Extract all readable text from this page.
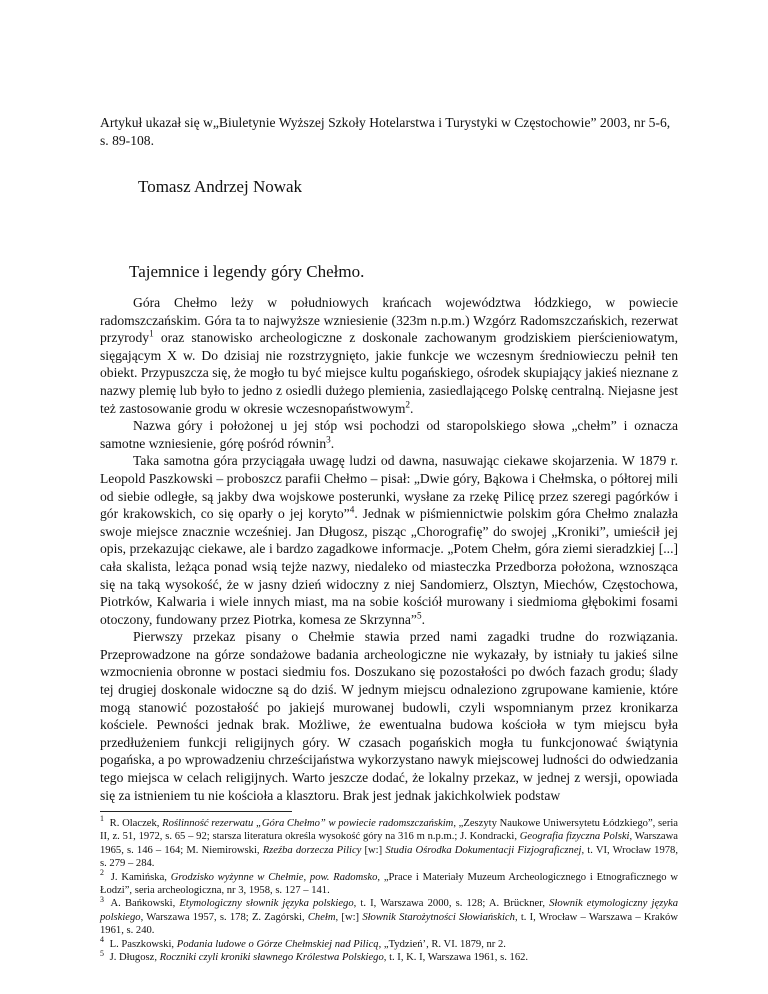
Artykuł ukazał się w„Biuletynie Wyższej Szkoły Hotelarstwa i Turystyki w Częstochowie” 2003, nr 5-6, s. 89-108.
Tomasz Andrzej Nowak
Tajemnice i legendy góry Chełmo.

Góra Chełmo leży w południowych krańcach województwa łódzkiego, w powiecie radomszczańskim. Góra ta to najwyższe wzniesienie (323m n.p.m.) Wzgórz Radomszczańskich, rezerwat przyrody$^1$ oraz stanowisko archeologiczne z doskonale zachowanym grodziskiem pierścieniowatym, sięgającym X w. Do dzisiaj nie rozstrzygnięto, jakie funkcje we wczesnym średniowieczu pełnił ten obiekt. Przypuszcza się, że mogło tu być miejsce kultu pogańskiego, ośrodek skupiający jakieś nieznane z nazwy plemię lub było to jedno z osiedli dużego plemienia, zasiedlającego Polskę centralną. Niejasne jest też zastosowanie grodu w okresie wczesnopaństwowym$^2$.

Nazwa góry i położonej u jej stóp wsi pochodzi od staropolskiego słowa „chełm” i oznacza samotne wzniesienie, górę pośród równin$^3$.

Taka samotna góra przyciągała uwagę ludzi od dawna, nasuwając ciekawe skojarzenia. W 1879 r. Leopold Paszkowski – proboszcz parafii Chełmo – pisał: „Dwie góry, Bąkowa i Chełmska, o półtorej mili od siebie odległe, są jakby dwa wojskowe posterunki, wysłane za rzekę Pilicę przez szeregi pagórków i gór krakowskich, co się oparły o jej koryto”$^4$. Jednak w piśmiennictwie polskim góra Chełmo znalazła swoje miejsce znacznie wcześniej. Jan Długosz, pisząc „Chorografię” do swojej „Kroniki”, umieścił jej opis, przekazując ciekawe, ale i bardzo zagadkowe informacje. „Potem Chełm, góra ziemi sieradzkiej [...] cała skalista, leżąca ponad wsią tejże nazwy, niedaleko od miasteczka Przedborza położona, wznosząca się na taką wysokość, że w jasny dzień widoczny z niej Sandomierz, Olsztyn, Miechów, Częstochowa, Piotrków, Kalwaria i wiele innych miast, ma na sobie kościół murowany i siedmioma głębokimi fosami otoczony, fundowany przez Piotrka, komesa ze Skrzynna”$^5$.

Pierwszy przekaz pisany o Chełmie stawia przed nami zagadki trudne do rozwiązania. Przeprowadzone na górze sondażowe badania archeologiczne nie wykazały, by istniały tu jakieś silne wzmocnienia obronne w postaci siedmiu fos. Doszukano się pozostałości po dwóch fazach grodu; ślady tej drugiej doskonale widoczne są do dziś. W jednym miejscu odnaleziono zgrupowane kamienie, które mogą stanowić pozostałość po jakiejś murowanej budowli, czyli wspomnianym przez kronikarza kościele. Pewności jednak brak. Możliwe, że ewentualna budowa kościoła w tym miejscu była przedłużeniem funkcji religijnych góry. W czasach pogańskich mogła tu funkcjonować świątynia pogańska, a po wprowadzeniu chrześcijaństwa wykorzystano nawyk miejscowej ludności do odwiedzania tego miejsca w celach religijnych. Warto jeszcze dodać, że lokalny przekaz, w jednej z wersji, opowiada się za istnieniem tu nie kościoła a klasztoru. Brak jest jednak jakichkolwiek podstaw

$^1$ R. Olaczek, Roślinność rezerwatu „Góra Chełmo” w powiecie radomszczańskim, „Zeszyty Naukowe Uniwersytetu Łódzkiego”, seria II, z. 51, 1972, s. 65 – 92; starsza literatura określa wysokość góry na 316 m n.p.m.; J. Kondracki, Geografia fizyczna Polski, Warszawa 1965, s. 146 – 164; M. Niemirowski, Rzeźba dorzecza Pilicy [w:] Studia Ośrodka Dokumentacji Fizjograficznej, t. VI, Wrocław 1978, s. 279 – 284.

$^2$ J. Kamińska, Grodzisko wyżynne w Chełmie, pow. Radomsko, „Prace i Materiały Muzeum Archeologicznego i Etnograficznego w Łodzi”, seria archeologiczna, nr 3, 1958, s. 127 – 141.

$^3$ A. Bańkowski, Etymologiczny słownik języka polskiego, t. I, Warszawa 2000, s. 128; A. Brückner, Słownik etymologiczny języka polskiego, Warszawa 1957, s. 178; Z. Zagórski, Chełm, [w:] Słownik Starożytności Słowiańskich, t. I, Wrocław – Warszawa – Kraków 1961, s. 240.

$^4$ L. Paszkowski, Podania ludowe o Górze Chełmskiej nad Pilicą, „Tydzień’, R. VI. 1879, nr 2.

$^5$ J. Długosz, Roczniki czyli kroniki sławnego Królestwa Polskiego, t. I, K. I, Warszawa 1961, s. 162.
